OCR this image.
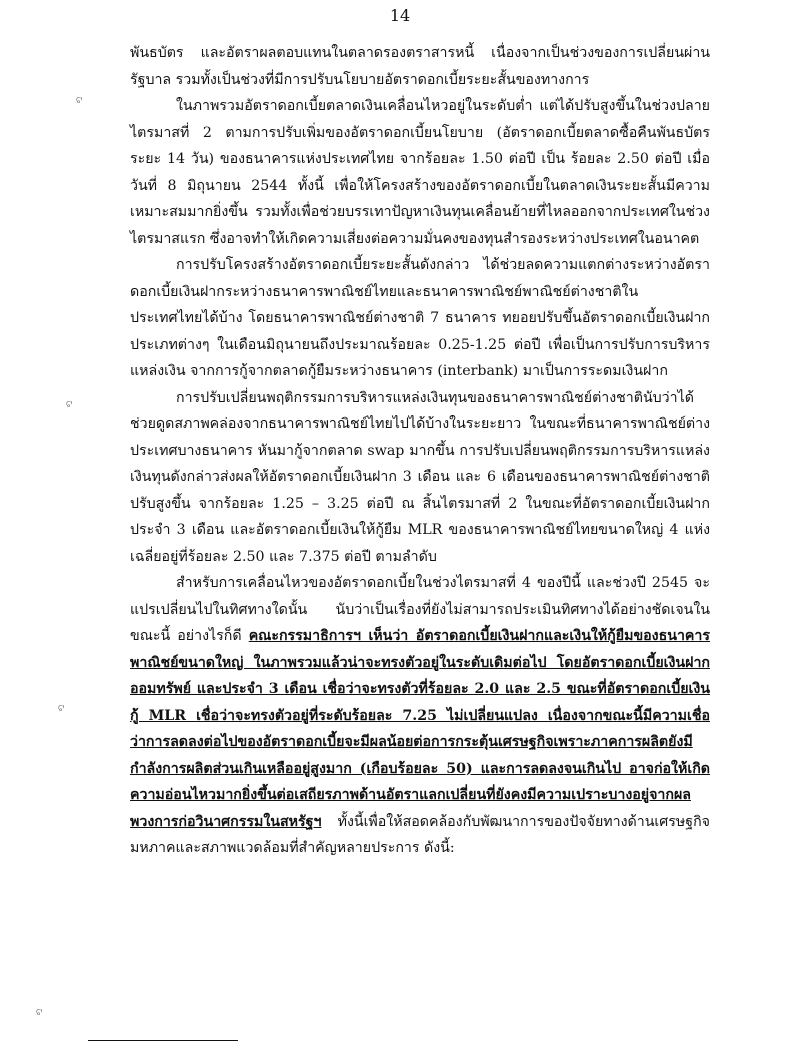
14
ଟ
ଟ
ଟ
ଟ

พันธบัตร และอัตราผลตอบแทนในตลาดรองตราสารหนี้ เนื่องจากเป็นช่วงของการเปลี่ยนผ่านรัฐบาล รวมทั้งเป็นช่วงที่มีการปรับนโยบายอัตราดอกเบี้ยระยะสั้นของทางการ

ในภาพรวมอัตราดอกเบี้ยตลาดเงินเคลื่อนไหวอยู่ในระดับต่ำ แต่ได้ปรับสูงขึ้นในช่วงปลายไตรมาสที่ 2 ตามการปรับเพิ่มของอัตราดอกเบี้ยนโยบาย (อัตราดอกเบี้ยตลาดซื้อคืนพันธบัตรระยะ 14 วัน) ของธนาคารแห่งประเทศไทย จากร้อยละ 1.50 ต่อปี เป็น ร้อยละ 2.50 ต่อปี เมื่อ วันที่ 8 มิถุนายน 2544 ทั้งนี้ เพื่อให้โครงสร้างของอัตราดอกเบี้ยในตลาดเงินระยะสั้นมีความเหมาะสมมากยิ่งขึ้น รวมทั้งเพื่อช่วยบรรเทาปัญหาเงินทุนเคลื่อนย้ายที่ไหลออกจากประเทศในช่วงไตรมาสแรก ซึ่งอาจทำให้เกิดความเสี่ยงต่อความมั่นคงของทุนสำรองระหว่างประเทศในอนาคต

การปรับโครงสร้างอัตราดอกเบี้ยระยะสั้นดังกล่าว ได้ช่วยลดความแตกต่างระหว่างอัตราดอกเบี้ยเงินฝากระหว่างธนาคารพาณิชย์ไทยและธนาคารพาณิชย์พาณิชย์ต่างชาติในประเทศไทยได้บ้าง โดยธนาคารพาณิชย์ต่างชาติ 7 ธนาคาร ทยอยปรับขึ้นอัตราดอกเบี้ยเงินฝากประเภทต่างๆ ในเดือนมิถุนายนถึงประมาณร้อยละ 0.25-1.25 ต่อปี เพื่อเป็นการปรับการบริหารแหล่งเงิน จากการกู้จากตลาดกู้ยืมระหว่างธนาคาร (interbank) มาเป็นการระดมเงินฝาก

การปรับเปลี่ยนพฤติกรรมการบริหารแหล่งเงินทุนของธนาคารพาณิชย์ต่างชาตินับว่าได้ช่วยดูดสภาพคล่องจากธนาคารพาณิชย์ไทยไปได้บ้างในระยะยาว ในขณะที่ธนาคารพาณิชย์ต่างประเทศบางธนาคาร หันมากู้จากตลาด swap มากขึ้น การปรับเปลี่ยนพฤติกรรมการบริหารแหล่งเงินทุนดังกล่าวส่งผลให้อัตราดอกเบี้ยเงินฝาก 3 เดือน และ 6 เดือนของธนาคารพาณิชย์ต่างชาติปรับสูงขึ้น จากร้อยละ 1.25 – 3.25 ต่อปี ณ สิ้นไตรมาสที่ 2 ในขณะที่อัตราดอกเบี้ยเงินฝากประจำ 3 เดือน และอัตราดอกเบี้ยเงินให้กู้ยืม MLR ของธนาคารพาณิชย์ไทยขนาดใหญ่ 4 แห่ง เฉลี่ยอยู่ที่ร้อยละ 2.50 และ 7.375 ต่อปี ตามลำดับ

สำหรับการเคลื่อนไหวของอัตราดอกเบี้ยในช่วงไตรมาสที่ 4 ของปีนี้ และช่วงปี 2545 จะแปรเปลี่ยนไปในทิศทางใดนั้น นับว่าเป็นเรื่องที่ยังไม่สามารถประเมินทิศทางได้อย่างชัดเจนในขณะนี้ อย่างไรก็ดี คณะกรรมาธิการฯ เห็นว่า อัตราดอกเบี้ยเงินฝากและเงินให้กู้ยืมของธนาคารพาณิชย์ขนาดใหญ่ ในภาพรวมแล้วน่าจะทรงตัวอยู่ในระดับเดิมต่อไป โดยอัตราดอกเบี้ยเงินฝากออมทรัพย์ และประจำ 3 เดือน เชื่อว่าจะทรงตัวที่ร้อยละ 2.0 และ 2.5 ขณะที่อัตราดอกเบี้ยเงินกู้ MLR เชื่อว่าจะทรงตัวอยู่ที่ระดับร้อยละ 7.25 ไม่เปลี่ยนแปลง เนื่องจากขณะนี้มีความเชื่อว่าการลดลงต่อไปของอัตราดอกเบี้ยจะมีผลน้อยต่อการกระตุ้นเศรษฐกิจเพราะภาคการผลิตยังมีกำลังการผลิตส่วนเกินเหลืออยู่สูงมาก (เกือบร้อยละ 50) และการลดลงจนเกินไป อาจก่อให้เกิดความอ่อนไหวมากยิ่งขึ้นต่อเสถียรภาพด้านอัตราแลกเปลี่ยนที่ยังคงมีความเปราะบางอยู่จากผลพวงการก่อวินาศกรรมในสหรัฐฯ ทั้งนี้เพื่อให้สอดคล้องกับพัฒนาการของปัจจัยทางด้านเศรษฐกิจมหภาคและสภาพแวดล้อมที่สำคัญหลายประการ ดังนี้:
